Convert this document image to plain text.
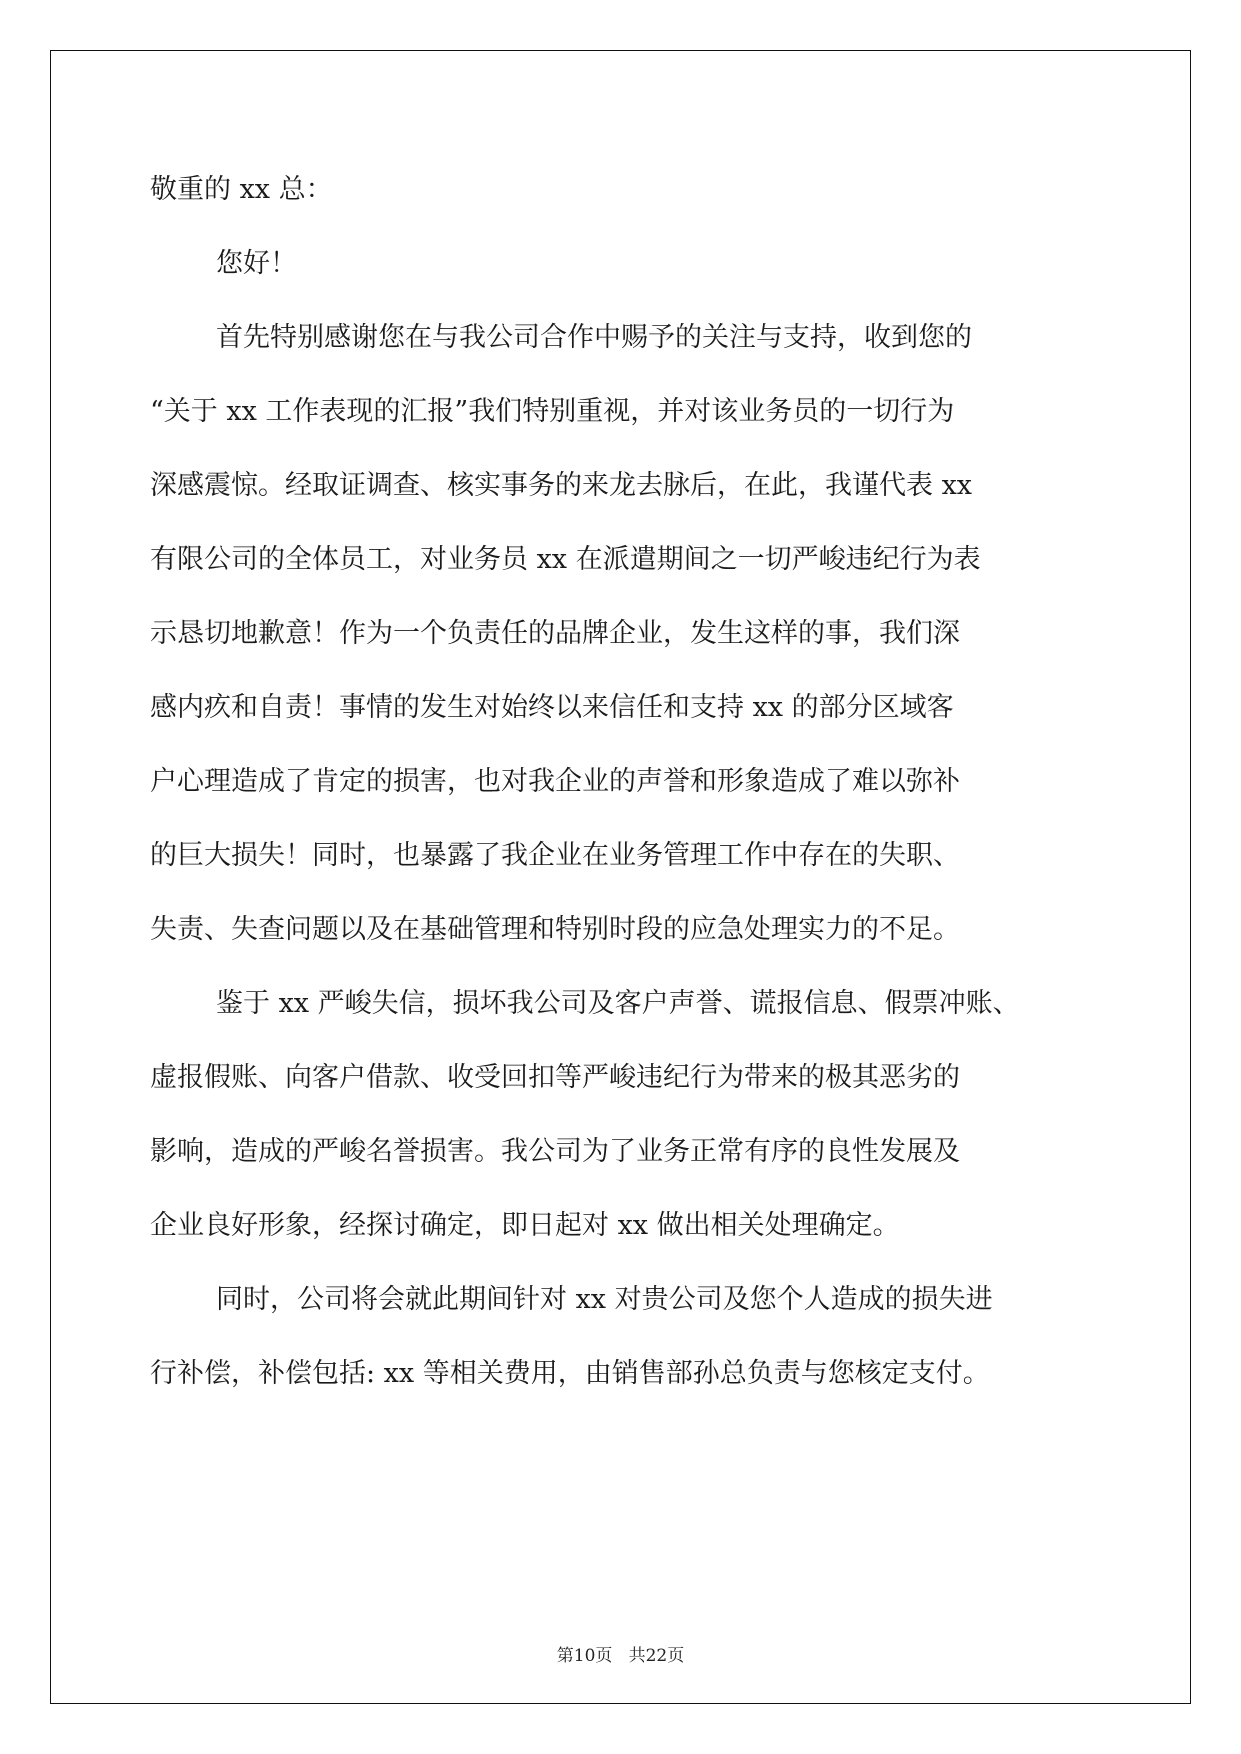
敬重的 xx 总：
您好！
首先特别感谢您在与我公司合作中赐予的关注与支持，收到您的
“关于 xx 工作表现的汇报”我们特别重视，并对该业务员的一切行为
深感震惊。经取证调查、核实事务的来龙去脉后，在此，我谨代表 xx
有限公司的全体员工，对业务员 xx 在派遣期间之一切严峻违纪行为表
示恳切地歉意！作为一个负责任的品牌企业，发生这样的事，我们深
感内疚和自责！事情的发生对始终以来信任和支持 xx 的部分区域客
户心理造成了肯定的损害，也对我企业的声誉和形象造成了难以弥补
的巨大损失！同时，也暴露了我企业在业务管理工作中存在的失职、
失责、失查问题以及在基础管理和特别时段的应急处理实力的不足。
鉴于 xx 严峻失信，损坏我公司及客户声誉、谎报信息、假票冲账、
虚报假账、向客户借款、收受回扣等严峻违纪行为带来的极其恶劣的
影响，造成的严峻名誉损害。我公司为了业务正常有序的良性发展及
企业良好形象，经探讨确定，即日起对 xx 做出相关处理确定。
同时，公司将会就此期间针对 xx 对贵公司及您个人造成的损失进
行补偿，补偿包括: xx 等相关费用，由销售部孙总负责与您核定支付。
第10页   共22页
